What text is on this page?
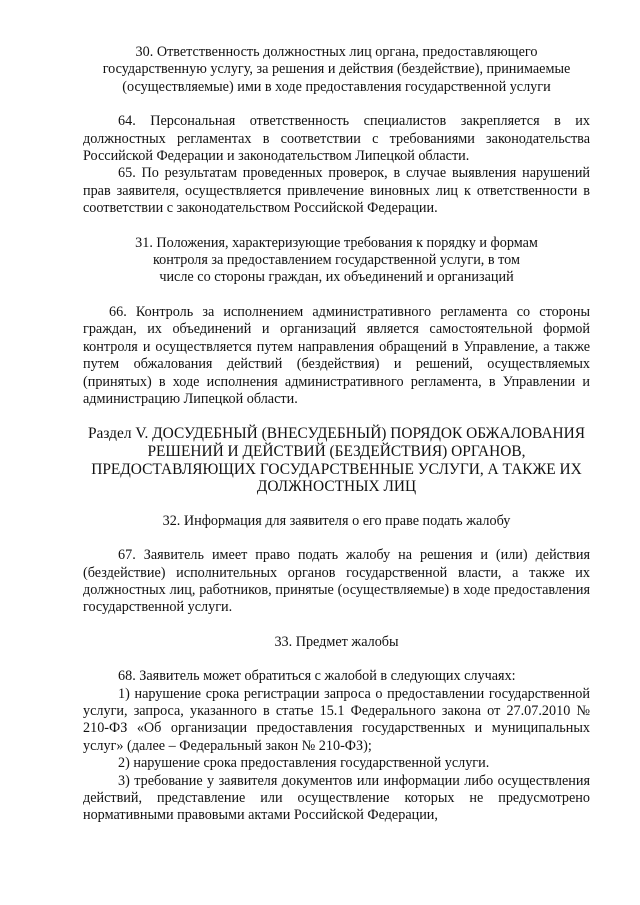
30. Ответственность должностных лиц органа, предоставляющего
государственную услугу, за решения и действия (бездействие), принимаемые
(осуществляемые) ими в ходе предоставления государственной услуги

64. Персональная ответственность специалистов закрепляется в их должностных регламентах в соответствии с требованиями законодательства Российской Федерации и законодательством Липецкой области.

65. По результатам проведенных проверок, в случае выявления нарушений прав заявителя, осуществляется привлечение виновных лиц к ответственности в соответствии с законодательством Российской Федерации.

31. Положения, характеризующие требования к порядку и формам
контроля за предоставлением государственной услуги, в том
числе со стороны граждан, их объединений и организаций

66. Контроль за исполнением административного регламента со стороны граждан, их объединений и организаций является самостоятельной формой контроля и осуществляется путем направления обращений в Управление, а также путем обжалования действий (бездействия) и решений, осуществляемых (принятых) в ходе исполнения административного регламента, в Управлении и администрацию Липецкой области.

Раздел V. ДОСУДЕБНЫЙ (ВНЕСУДЕБНЫЙ) ПОРЯДОК ОБЖАЛОВАНИЯ
РЕШЕНИЙ И ДЕЙСТВИЙ (БЕЗДЕЙСТВИЯ) ОРГАНОВ,
ПРЕДОСТАВЛЯЮЩИХ ГОСУДАРСТВЕННЫЕ УСЛУГИ, А ТАКЖЕ ИХ
ДОЛЖНОСТНЫХ ЛИЦ

32. Информация для заявителя о его праве подать жалобу

67. Заявитель имеет право подать жалобу на решения и (или) действия (бездействие) исполнительных органов государственной власти, а также их должностных лиц, работников, принятые (осуществляемые) в ходе предоставления государственной услуги.

33. Предмет жалобы

68. Заявитель может обратиться с жалобой в следующих случаях:

1) нарушение срока регистрации запроса о предоставлении государственной услуги, запроса, указанного в статье 15.1 Федерального закона от 27.07.2010 № 210-ФЗ «Об организации предоставления государственных и муниципальных услуг» (далее – Федеральный закон № 210-ФЗ);

2) нарушение срока предоставления государственной услуги.

3) требование у заявителя документов или информации либо осуществления действий, представление или осуществление которых не предусмотрено нормативными правовыми актами Российской Федерации,
